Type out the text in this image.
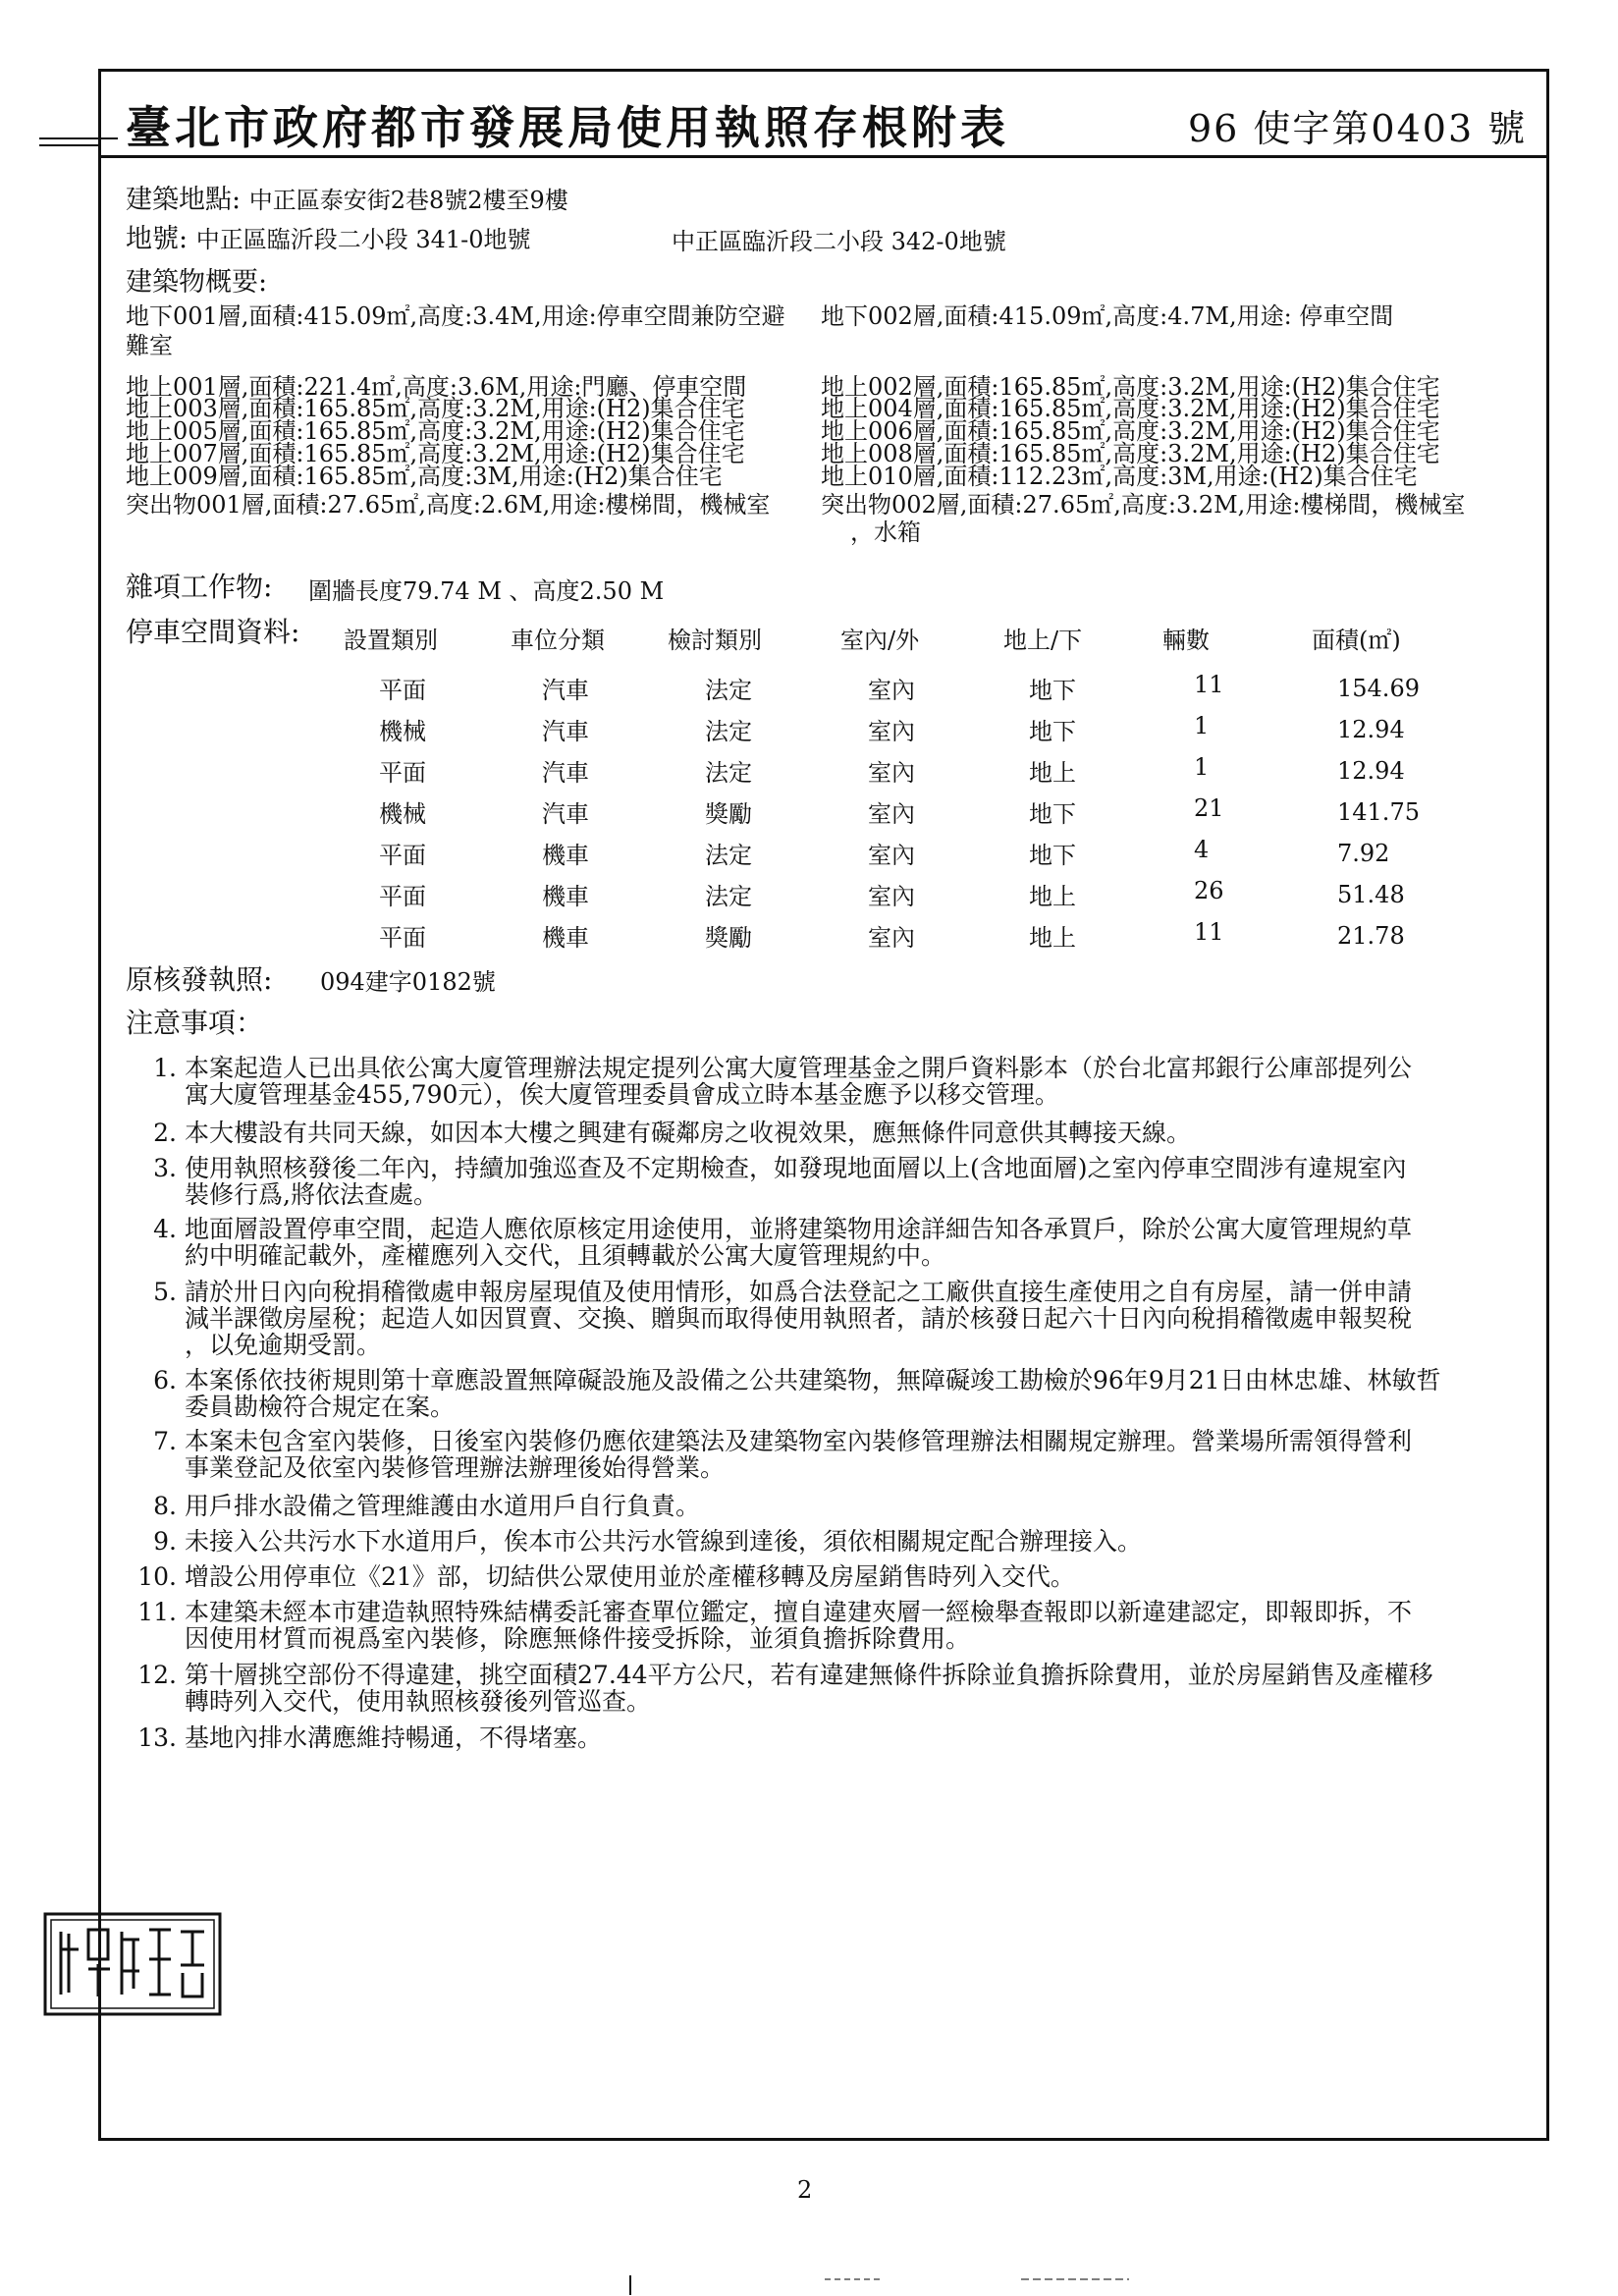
臺北市政府都市發展局使用執照存根附表	96 使字第0403 號
建築地點: 中正區泰安街2巷8號2樓至9樓
地號: 中正區臨沂段二小段 341-0地號	中正區臨沂段二小段 342-0地號
建築物概要:
地下001層,面積:415.09㎡,高度:3.4M,用途:停車空間兼防空避
難室
地上001層,面積:221.4㎡,高度:3.6M,用途:門廳、停車空間
地上003層,面積:165.85㎡,高度:3.2M,用途:(H2)集合住宅
地上005層,面積:165.85㎡,高度:3.2M,用途:(H2)集合住宅
地上007層,面積:165.85㎡,高度:3.2M,用途:(H2)集合住宅
地上009層,面積:165.85㎡,高度:3M,用途:(H2)集合住宅
突出物001層,面積:27.65㎡,高度:2.6M,用途:樓梯間，機械室
地下002層,面積:415.09㎡,高度:4.7M,用途: 停車空間
地上002層,面積:165.85㎡,高度:3.2M,用途:(H2)集合住宅
地上004層,面積:165.85㎡,高度:3.2M,用途:(H2)集合住宅
地上006層,面積:165.85㎡,高度:3.2M,用途:(H2)集合住宅
地上008層,面積:165.85㎡,高度:3.2M,用途:(H2)集合住宅
地上010層,面積:112.23㎡,高度:3M,用途:(H2)集合住宅
突出物002層,面積:27.65㎡,高度:3.2M,用途:樓梯間，機械室
，水箱
雜項工作物: 圍牆長度79.74 M 、高度2.50 M
停車空間資料: 設置類別	車位分類	檢討類別	室內/外	地上/下	輛數	面積(㎡)
平面	汽車	法定	室內	地下	11	154.69
機械	汽車	法定	室內	地下	1	12.94
平面	汽車	法定	室內	地上	1	12.94
機械	汽車	獎勵	室內	地下	21	141.75
平面	機車	法定	室內	地下	4	7.92
平面	機車	法定	室內	地上	26	51.48
平面	機車	獎勵	室內	地上	11	21.78
原核發執照: 094建字0182號
注意事項：
1. 本案起造人已出具依公寓大廈管理辦法規定提列公寓大廈管理基金之開戶資料影本（於台北富邦銀行公庫部提列公
寓大廈管理基金455,790元），俟大廈管理委員會成立時本基金應予以移交管理。
2. 本大樓設有共同天線，如因本大樓之興建有礙鄰房之收視效果，應無條件同意供其轉接天線。
3. 使用執照核發後二年內，持續加強巡查及不定期檢查，如發現地面層以上(含地面層)之室內停車空間涉有違規室內
裝修行爲,將依法查處。
4. 地面層設置停車空間，起造人應依原核定用途使用，並將建築物用途詳細告知各承買戶，除於公寓大廈管理規約草
約中明確記載外，產權應列入交代，且須轉載於公寓大廈管理規約中。
5. 請於卅日內向稅捐稽徵處申報房屋現值及使用情形，如爲合法登記之工廠供直接生產使用之自有房屋，請一併申請
減半課徵房屋稅；起造人如因買賣、交換、贈與而取得使用執照者，請於核發日起六十日內向稅捐稽徵處申報契稅
，以免逾期受罰。
6. 本案係依技術規則第十章應設置無障礙設施及設備之公共建築物，無障礙竣工勘檢於96年9月21日由林忠雄、林敏哲
委員勘檢符合規定在案。
7. 本案未包含室內裝修，日後室內裝修仍應依建築法及建築物室內裝修管理辦法相關規定辦理。營業場所需領得營利
事業登記及依室內裝修管理辦法辦理後始得營業。
8. 用戶排水設備之管理維護由水道用戶自行負責。
9. 未接入公共污水下水道用戶，俟本市公共污水管線到達後，須依相關規定配合辦理接入。
10. 增設公用停車位《21》部，切結供公眾使用並於產權移轉及房屋銷售時列入交代。
11. 本建築未經本市建造執照特殊結構委託審查單位鑑定，擅自違建夾層一經檢舉查報即以新違建認定，即報即拆，不
因使用材質而視爲室內裝修，除應無條件接受拆除，並須負擔拆除費用。
12. 第十層挑空部份不得違建，挑空面積27.44平方公尺，若有違建無條件拆除並負擔拆除費用，並於房屋銷售及產權移
轉時列入交代，使用執照核發後列管巡查。
13. 基地內排水溝應維持暢通，不得堵塞。
2
